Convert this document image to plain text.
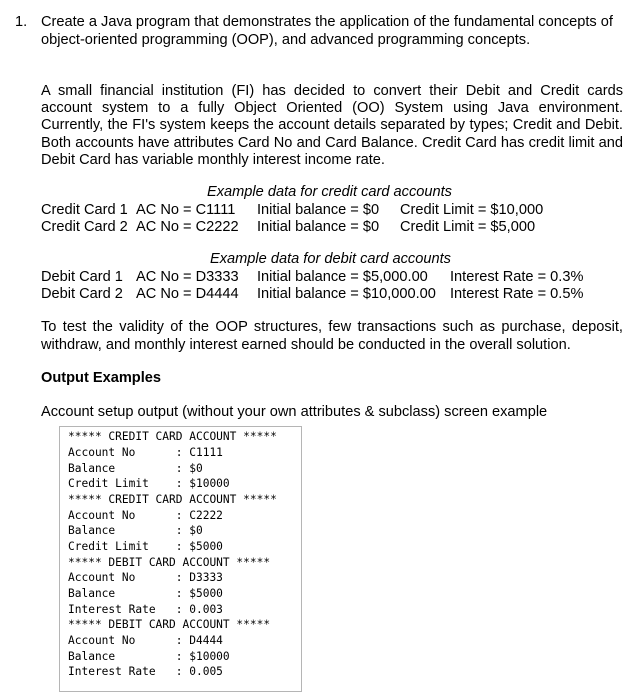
1. Create a Java program that demonstrates the application of the fundamental concepts of object-oriented programming (OOP), and advanced programming concepts.
A small financial institution (FI) has decided to convert their Debit and Credit cards account system to a fully Object Oriented (OO) System using Java environment. Currently, the FI's system keeps the account details separated by types; Credit and Debit. Both accounts have attributes Card No and Card Balance. Credit Card has credit limit and Debit Card has variable monthly interest income rate.
Example data for credit card accounts
Credit Card 1 AC No = C1111 Initial balance = $0 Credit Limit = $10,000
Credit Card 2 AC No = C2222 Initial balance = $0 Credit Limit = $5,000
Example data for debit card accounts
Debit Card 1 AC No = D3333 Initial balance = $5,000.00 Interest Rate = 0.3%
Debit Card 2 AC No = D4444 Initial balance = $10,000.00 Interest Rate = 0.5%
To test the validity of the OOP structures, few transactions such as purchase, deposit, withdraw, and monthly interest earned should be conducted in the overall solution.
Output Examples
Account setup output (without your own attributes & subclass) screen example
***** CREDIT CARD ACCOUNT *****
Account No      : C1111
Balance         : $0
Credit Limit    : $10000
***** CREDIT CARD ACCOUNT *****
Account No      : C2222
Balance         : $0
Credit Limit    : $5000
***** DEBIT CARD ACCOUNT *****
Account No      : D3333
Balance         : $5000
Interest Rate   : 0.003
***** DEBIT CARD ACCOUNT *****
Account No      : D4444
Balance         : $10000
Interest Rate   : 0.005
